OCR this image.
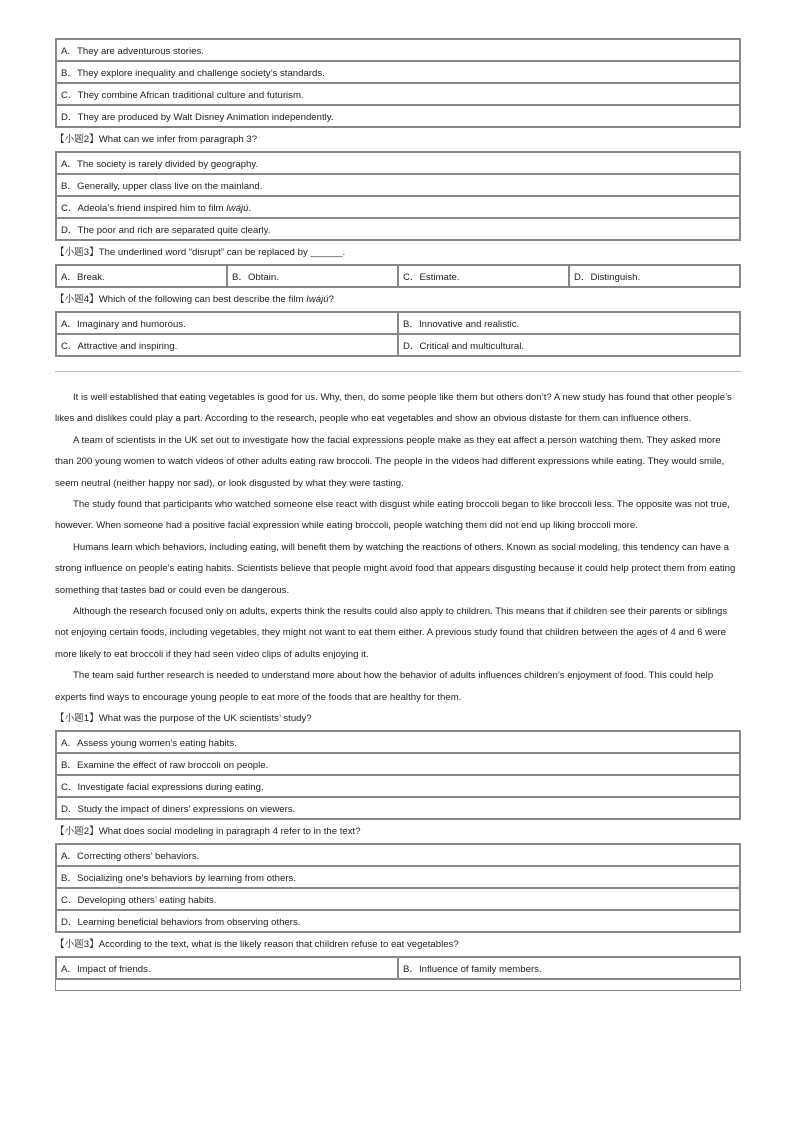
A．They are adventurous stories.
B．They explore inequality and challenge society’s standards.
C．They combine African traditional culture and futurism.
D．They are produced by Walt Disney Animation independently.
【小题2】What can we infer from paragraph 3?
A．The society is rarely divided by geography.
B．Generally, upper class live on the mainland.
C．Adeola’s friend inspired him to film Iwájú.
D．The poor and rich are separated quite clearly.
【小题3】The underlined word “disrupt” can be replaced by ______.
A．Break.	B．Obtain.	C．Estimate.	D．Distinguish.
【小题4】Which of the following can best describe the film Iwájú?
A．Imaginary and humorous.	B．Innovative and realistic.
C．Attractive and inspiring.	D．Critical and multicultural.

It is well established that eating vegetables is good for us. Why, then, do some people like them but others don’t? A new study has found that other people’s likes and dislikes could play a part. According to the research, people who eat vegetables and show an obvious distaste for them can influence others.

A team of scientists in the UK set out to investigate how the facial expressions people make as they eat affect a person watching them. They asked more than 200 young women to watch videos of other adults eating raw broccoli. The people in the videos had different expressions while eating. They would smile, seem neutral (neither happy nor sad), or look disgusted by what they were tasting.

The study found that participants who watched someone else react with disgust while eating broccoli began to like broccoli less. The opposite was not true, however. When someone had a positive facial expression while eating broccoli, people watching them did not end up liking broccoli more.

Humans learn which behaviors, including eating, will benefit them by watching the reactions of others. Known as social modeling, this tendency can have a strong influence on people’s eating habits. Scientists believe that people might avoid food that appears disgusting because it could help protect them from eating something that tastes bad or could even be dangerous.

Although the research focused only on adults, experts think the results could also apply to children. This means that if children see their parents or siblings not enjoying certain foods, including vegetables, they might not want to eat them either. A previous study found that children between the ages of 4 and 6 were more likely to eat broccoli if they had seen video clips of adults enjoying it.

The team said further research is needed to understand more about how the behavior of adults influences children’s enjoyment of food. This could help experts find ways to encourage young people to eat more of the foods that are healthy for them.

【小题1】What was the purpose of the UK scientists’ study?
A．Assess young women’s eating habits.
B．Examine the effect of raw broccoli on people.
C．Investigate facial expressions during eating.
D．Study the impact of diners’ expressions on viewers.
【小题2】What does social modeling in paragraph 4 refer to in the text?
A．Correcting others’ behaviors.
B．Socializing one’s behaviors by learning from others.
C．Developing others’ eating habits.
D．Learning beneficial behaviors from observing others.
【小题3】According to the text, what is the likely reason that children refuse to eat vegetables?
A．Impact of friends.	B．Influence of family members.
